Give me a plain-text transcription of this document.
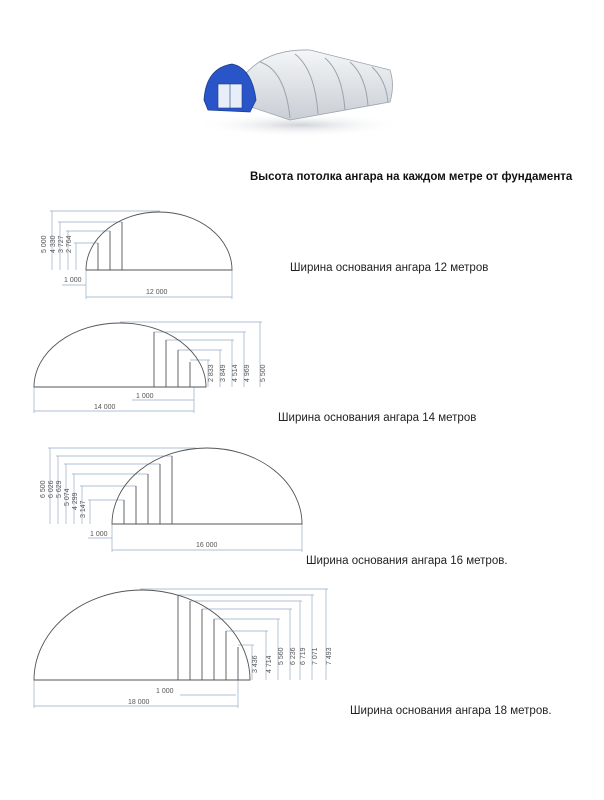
Высота потолка ангара на каждом метре от фундамента
5 000 4 330 3 727 2 764
1 000
12 000
Ширина основания ангара 12 метров
2 833 3 849 4 514 4 969 5 500
1 000
14 000
Ширина основания ангара 14 метров
6 500 6 026 5 629 5 074 4 299 3 147
1 000
16 000
Ширина основания ангара 16 метров.
3 436 4 714 5 560 6 236 6 719 7 071 7 493
1 000
18 000
Ширина основания ангара 18 метров.
